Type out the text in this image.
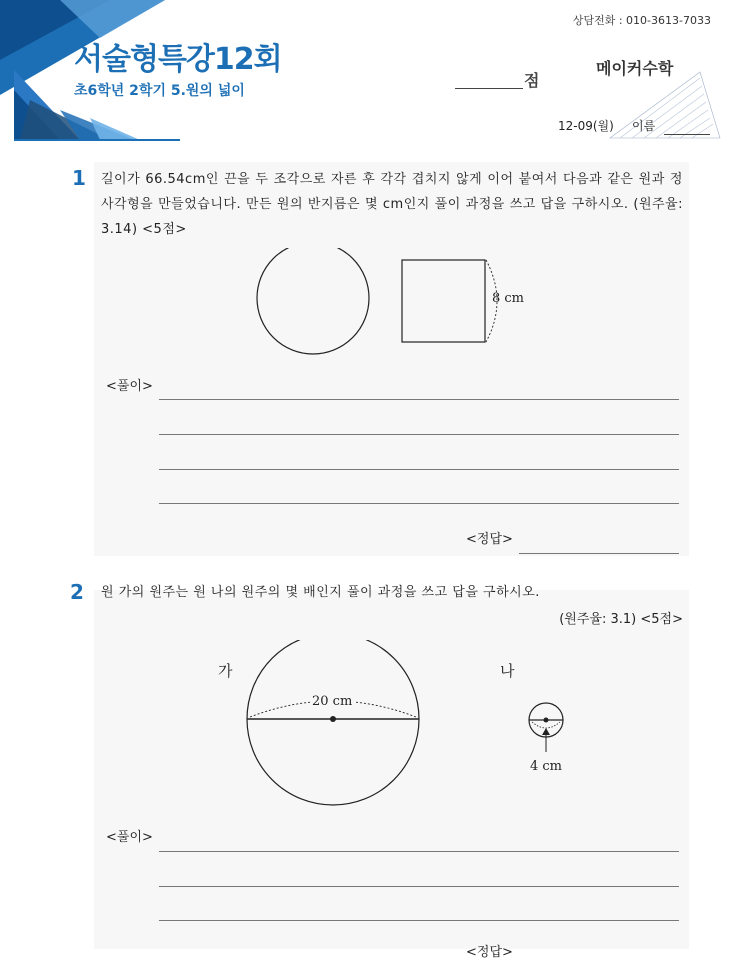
상담전화 : 010-3613-7033
서술형특강12회
초6학년 2학기 5.원의 넓이
점
메이커수학
12-09(월) 이름
1 길이가 66.54cm인 끈을 두 조각으로 자른 후 각각 겹치지 않게 이어 붙여서 다음과 같은 원과 정사각형을 만들었습니다. 만든 원의 반지름은 몇 cm인지 풀이 과정을 쓰고 답을 구하시오. (원주율: 3.14) <5점>
8 cm
<풀이>
<정답>
2 원 가의 원주는 원 나의 원주의 몇 배인지 풀이 과정을 쓰고 답을 구하시오.
(원주율: 3.1) <5점>
가
20 cm
나
4 cm
<풀이>
<정답>
